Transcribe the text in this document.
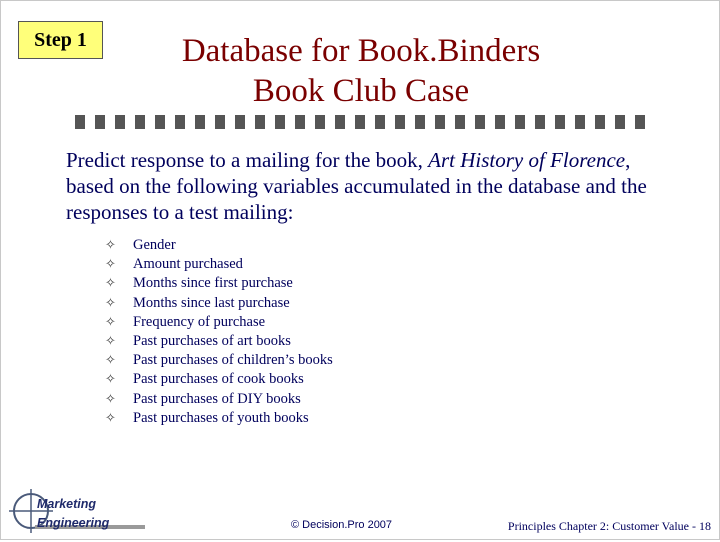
Step 1	Database for Book.Binders
Book Club Case
Predict response to a mailing for the book, Art History of Florence, based on the following variables accumulated in the database and the responses to a test mailing:
✧	Gender
✧	Amount purchased
✧	Months since first purchase
✧	Months since last purchase
✧	Frequency of purchase
✧	Past purchases of art books
✧	Past purchases of children’s books
✧	Past purchases of cook books
✧	Past purchases of DIY books
✧	Past purchases of youth books
Marketing
Engineering	© Decision.Pro 2007	Principles Chapter 2: Customer Value - 18
